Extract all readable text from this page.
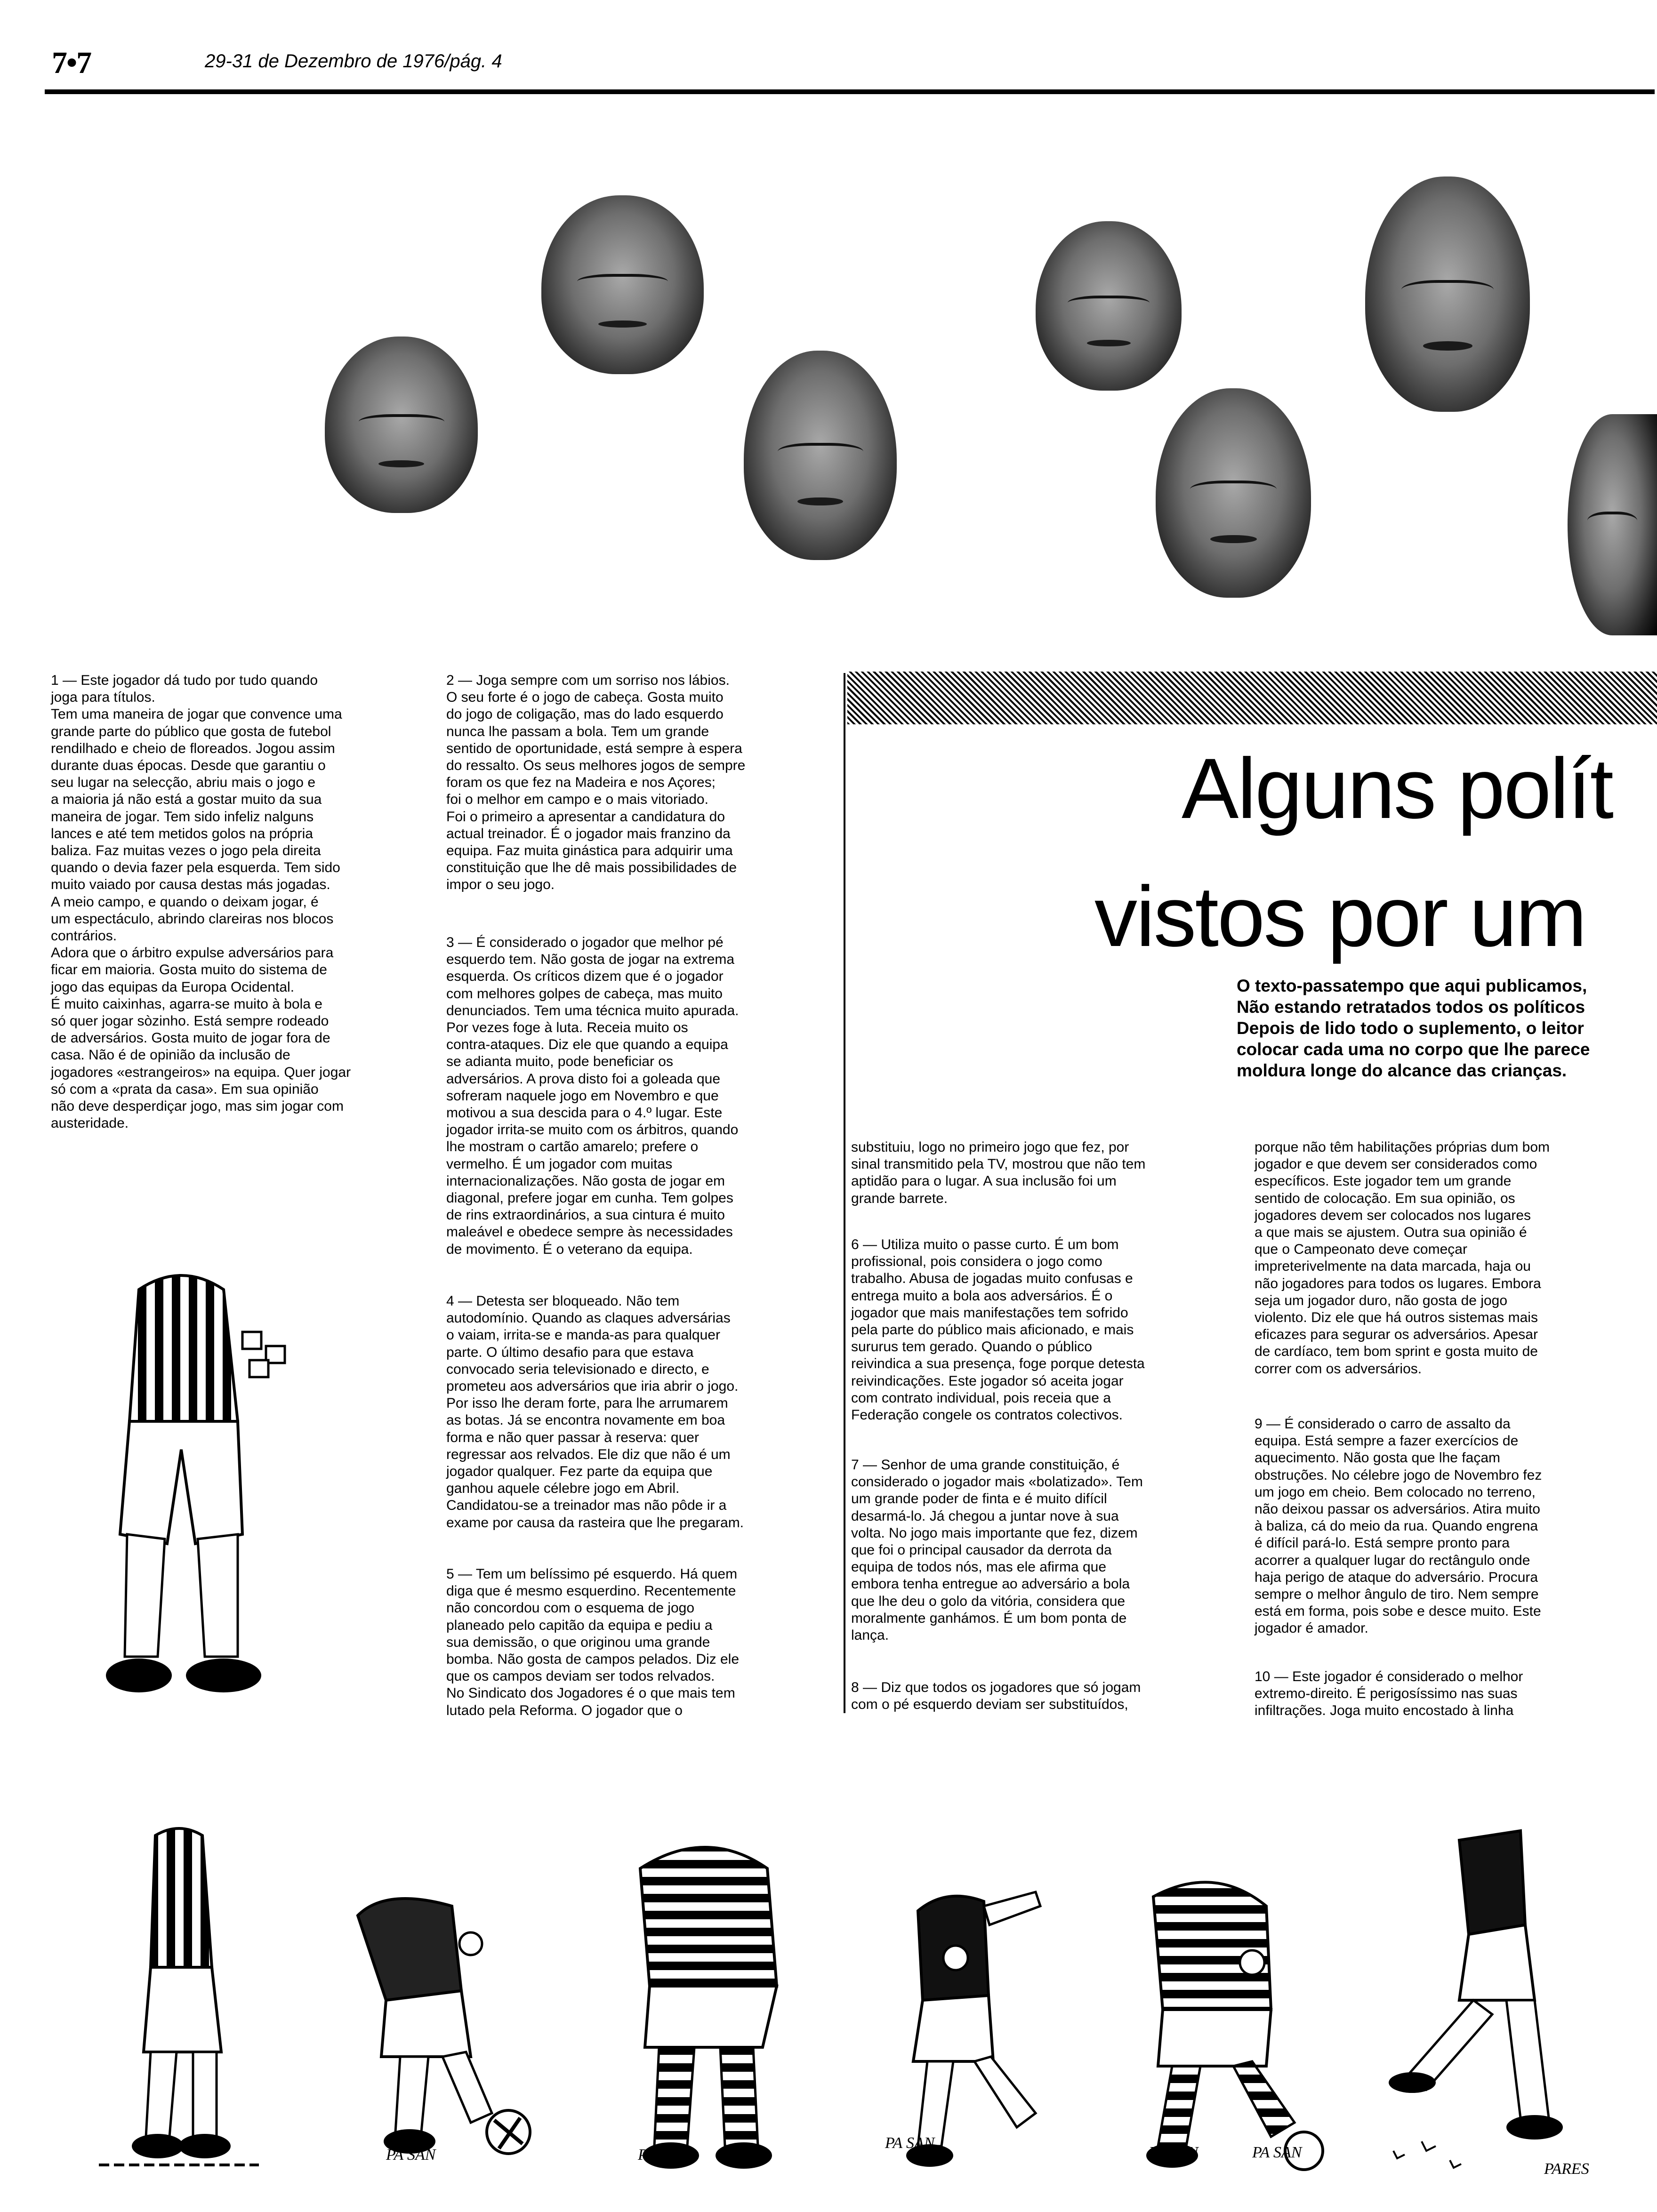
7•7	29-31 de Dezembro de 1976/pág. 4
1 — Este jogador dá tudo por tudo quando
joga para títulos.
Tem uma maneira de jogar que convence uma
grande parte do público que gosta de futebol
rendilhado e cheio de floreados. Jogou assim
durante duas épocas. Desde que garantiu o
seu lugar na selecção, abriu mais o jogo e
a maioria já não está a gostar muito da sua
maneira de jogar. Tem sido infeliz nalguns
lances e até tem metidos golos na própria
baliza. Faz muitas vezes o jogo pela direita
quando o devia fazer pela esquerda. Tem sido
muito vaiado por causa destas más jogadas.
A meio campo, e quando o deixam jogar, é
um espectáculo, abrindo clareiras nos blocos
contrários.
Adora que o árbitro expulse adversários para
ficar em maioria. Gosta muito do sistema de
jogo das equipas da Europa Ocidental.
É muito caixinhas, agarra-se muito à bola e
só quer jogar sòzinho. Está sempre rodeado
de adversários. Gosta muito de jogar fora de
casa. Não é de opinião da inclusão de
jogadores «estrangeiros» na equipa. Quer jogar
só com a «prata da casa». Em sua opinião
não deve desperdiçar jogo, mas sim jogar com
austeridade.
2 — Joga sempre com um sorriso nos lábios.
O seu forte é o jogo de cabeça. Gosta muito
do jogo de coligação, mas do lado esquerdo
nunca lhe passam a bola. Tem um grande
sentido de oportunidade, está sempre à espera
do ressalto. Os seus melhores jogos de sempre
foram os que fez na Madeira e nos Açores;
foi o melhor em campo e o mais vitoriado.
Foi o primeiro a apresentar a candidatura do
actual treinador. É o jogador mais franzino da
equipa. Faz muita ginástica para adquirir uma
constituição que lhe dê mais possibilidades de
impor o seu jogo.
3 — É considerado o jogador que melhor pé
esquerdo tem. Não gosta de jogar na extrema
esquerda. Os críticos dizem que é o jogador
com melhores golpes de cabeça, mas muito
denunciados. Tem uma técnica muito apurada.
Por vezes foge à luta. Receia muito os
contra-ataques. Diz ele que quando a equipa
se adianta muito, pode beneficiar os
adversários. A prova disto foi a goleada que
sofreram naquele jogo em Novembro e que
motivou a sua descida para o 4.º lugar. Este
jogador irrita-se muito com os árbitros, quando
lhe mostram o cartão amarelo; prefere o
vermelho. É um jogador com muitas
internacionalizações. Não gosta de jogar em
diagonal, prefere jogar em cunha. Tem golpes
de rins extraordinários, a sua cintura é muito
maleável e obedece sempre às necessidades
de movimento. É o veterano da equipa.
4 — Detesta ser bloqueado. Não tem
autodomínio. Quando as claques adversárias
o vaiam, irrita-se e manda-as para qualquer
parte. O último desafio para que estava
convocado seria televisionado e directo, e
prometeu aos adversários que iria abrir o jogo.
Por isso lhe deram forte, para lhe arrumarem
as botas. Já se encontra novamente em boa
forma e não quer passar à reserva: quer
regressar aos relvados. Ele diz que não é um
jogador qualquer. Fez parte da equipa que
ganhou aquele célebre jogo em Abril.
Candidatou-se a treinador mas não pôde ir a
exame por causa da rasteira que lhe pregaram.
5 — Tem um belíssimo pé esquerdo. Há quem
diga que é mesmo esquerdino. Recentemente
não concordou com o esquema de jogo
planeado pelo capitão da equipa e pediu a
sua demissão, o que originou uma grande
bomba. Não gosta de campos pelados. Diz ele
que os campos deviam ser todos relvados.
No Sindicato dos Jogadores é o que mais tem
lutado pela Reforma. O jogador que o
Alguns polít
vistos por um
O texto-passatempo que aqui publicamos,
Não estando retratados todos os políticos
Depois de lido todo o suplemento, o leitor
colocar cada uma no corpo que lhe parece
moldura longe do alcance das crianças.
substituiu, logo no primeiro jogo que fez, por
sinal transmitido pela TV, mostrou que não tem
aptidão para o lugar. A sua inclusão foi um
grande barrete.
6 — Utiliza muito o passe curto. É um bom
profissional, pois considera o jogo como
trabalho. Abusa de jogadas muito confusas e
entrega muito a bola aos adversários. É o
jogador que mais manifestações tem sofrido
pela parte do público mais aficionado, e mais
sururus tem gerado. Quando o público
reivindica a sua presença, foge porque detesta
reivindicações. Este jogador só aceita jogar
com contrato individual, pois receia que a
Federação congele os contratos colectivos.
7 — Senhor de uma grande constituição, é
considerado o jogador mais «bolatizado». Tem
um grande poder de finta e é muito difícil
desarmá-lo. Já chegou a juntar nove à sua
volta. No jogo mais importante que fez, dizem
que foi o principal causador da derrota da
equipa de todos nós, mas ele afirma que
embora tenha entregue ao adversário a bola
que lhe deu o golo da vitória, considera que
moralmente ganhámos. É um bom ponta de
lança.
8 — Diz que todos os jogadores que só jogam
com o pé esquerdo deviam ser substituídos,
porque não têm habilitações próprias dum bom
jogador e que devem ser considerados como
específicos. Este jogador tem um grande
sentido de colocação. Em sua opinião, os
jogadores devem ser colocados nos lugares
a que mais se ajustem. Outra sua opinião é
que o Campeonato deve começar
impreterivelmente na data marcada, haja ou
não jogadores para todos os lugares. Embora
seja um jogador duro, não gosta de jogo
violento. Diz ele que há outros sistemas mais
eficazes para segurar os adversários. Apesar
de cardíaco, tem bom sprint e gosta muito de
correr com os adversários.
9 — É considerado o carro de assalto da
equipa. Está sempre a fazer exercícios de
aquecimento. Não gosta que lhe façam
obstruções. No célebre jogo de Novembro fez
um jogo em cheio. Bem colocado no terreno,
não deixou passar os adversários. Atira muito
à baliza, cá do meio da rua. Quando engrena
é difícil pará-lo. Está sempre pronto para
acorrer a qualquer lugar do rectângulo onde
haja perigo de ataque do adversário. Procura
sempre o melhor ângulo de tiro. Nem sempre
está em forma, pois sobe e desce muito. Este
jogador é amador.
10 — Este jogador é considerado o melhor
extremo-direito. É perigosíssimo nas suas
infiltrações. Joga muito encostado à linha
PA SAN	PA SAN
PA SAN
PA SAN	PA SAN
PARES
